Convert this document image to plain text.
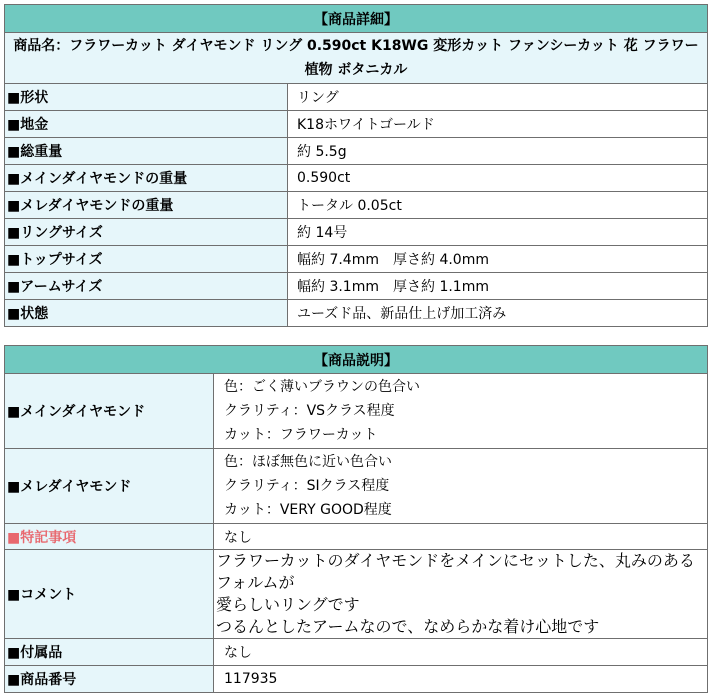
【商品詳細】	
商品名：フラワーカット ダイヤモンド リング 0.590ct K18WG 変形カット ファンシーカット 花 フラワー 植物 ボタニカル	
■形状	リング
■地金	K18ホワイトゴールド
■総重量	約 5.5g
■メインダイヤモンドの重量	0.590ct
■メレダイヤモンドの重量	トータル 0.05ct
■リングサイズ	約 14号
■トップサイズ	幅約 7.4mm　厚さ約 4.0mm
■アームサイズ	幅約 3.1mm　厚さ約 1.1mm
■状態	ユーズド品、新品仕上げ加工済み
【商品説明】	
■メインダイヤモンド	色：ごく薄いブラウンの色合い
クラリティ：VSクラス程度
カット：フラワーカット

■メレダイヤモンド	色：ほぼ無色に近い色合い
クラリティ：SIクラス程度
カット：VERY GOOD程度

■特記事項	なし
■コメント	フラワーカットのダイヤモンドをメインにセットした、丸みのあるフォルムが
愛らしいリングです
つるんとしたアームなので、なめらかな着け心地です

■付属品	なし
■商品番号	117935
